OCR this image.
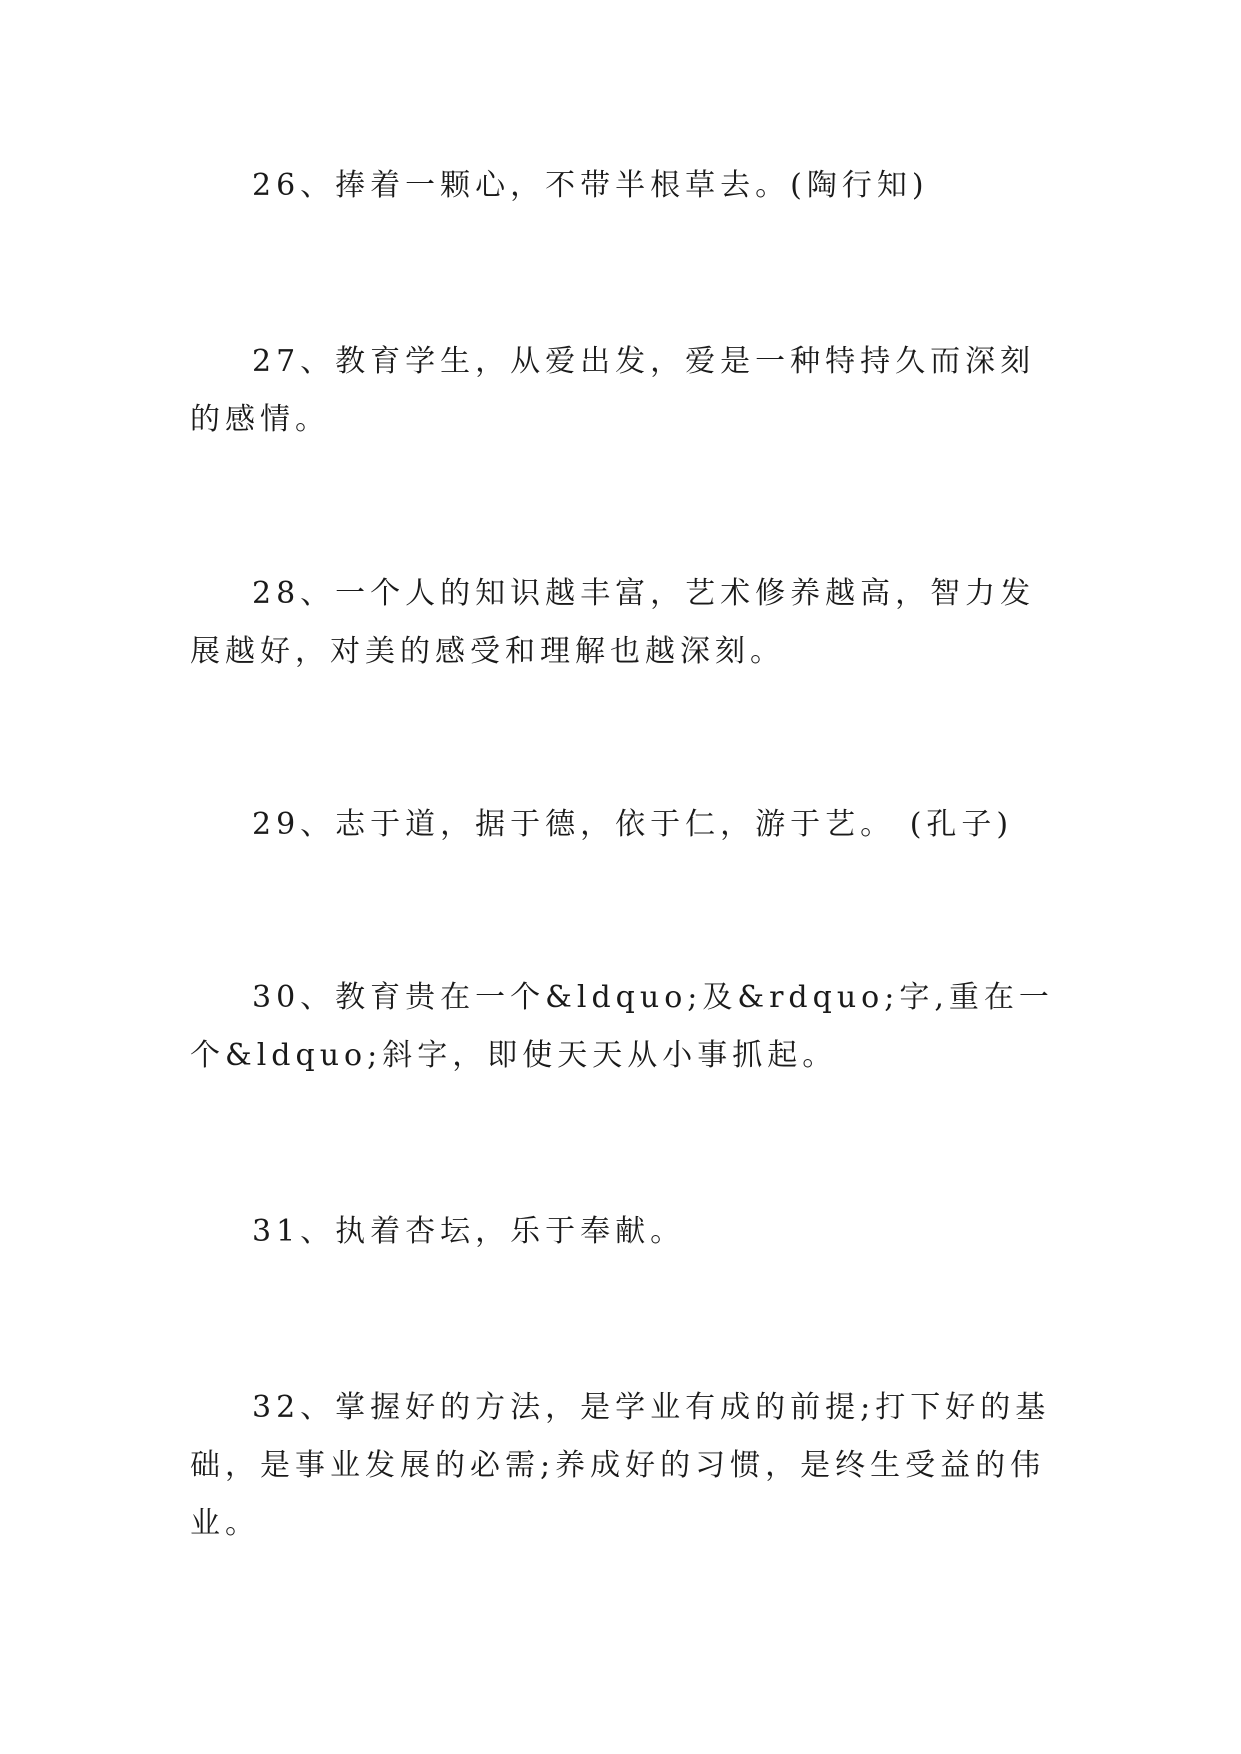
26、捧着一颗心，不带半根草去。(陶行知)

27、教育学生，从爱出发，爱是一种特持久而深刻的感情。

28、一个人的知识越丰富，艺术修养越高，智力发展越好，对美的感受和理解也越深刻。

29、志于道，据于德，依于仁，游于艺。 (孔子)

30、教育贵在一个&ldquo;及&rdquo;字,重在一个&ldquo;斜字，即使天天从小事抓起。

31、执着杏坛，乐于奉献。

32、掌握好的方法，是学业有成的前提;打下好的基础，是事业发展的必需;养成好的习惯，是终生受益的伟业。
